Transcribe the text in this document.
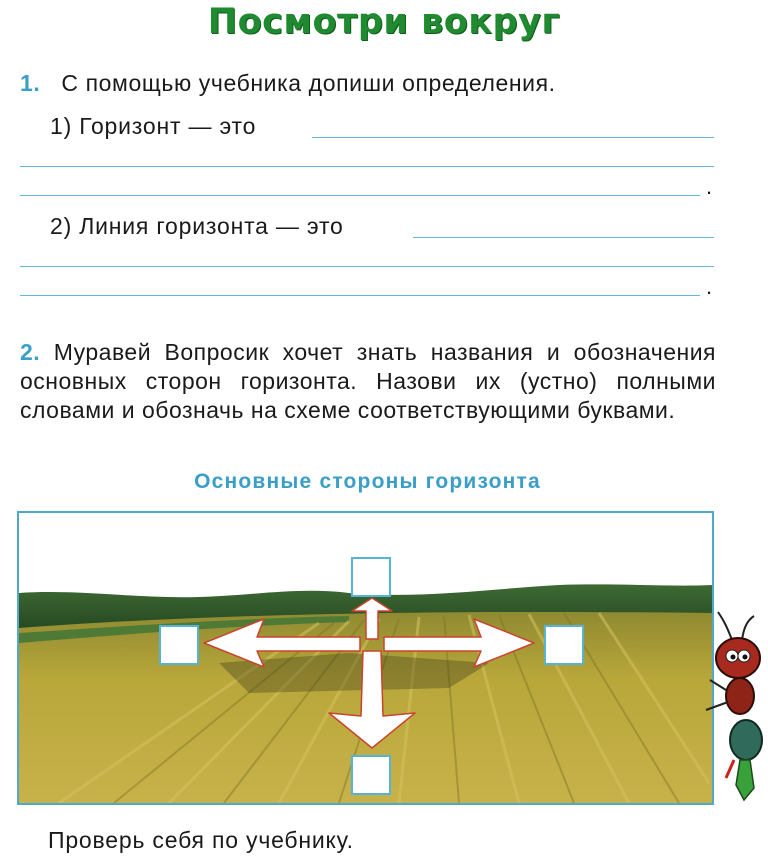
Посмотри вокруг
1. С помощью учебника допиши определения.
1) Горизонт — это
.
2) Линия горизонта — это
.
2. Муравей Вопросик хочет знать названия и обозначения основных сторон горизонта. Назови их (устно) полными словами и обозначь на схеме соответствующими буквами.
Основные стороны горизонта
Проверь себя по учебнику.
